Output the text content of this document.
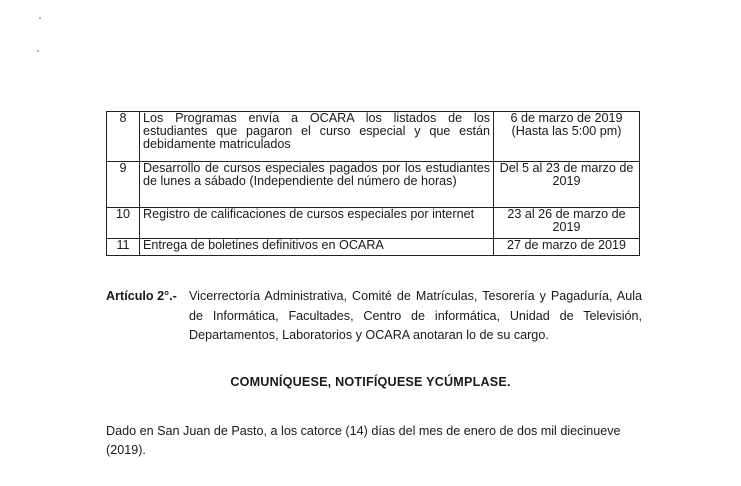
8	Los Programas envía a OCARA los listados de los estudiantes que pagaron el curso especial y que están debidamente matriculados	6 de marzo de 2019 (Hasta las 5:00 pm)
9	Desarrollo de cursos especiales pagados por los estudiantes de lunes a sábado (Independiente del número de horas)	Del 5 al 23 de marzo de 2019
10	Registro de calificaciones de cursos especiales por internet	23 al 26 de marzo de 2019
11	Entrega de boletines definitivos en OCARA	27 de marzo de 2019
Artículo 2°.- Vicerrectoría Administrativa, Comité de Matrículas, Tesorería y Pagaduría, Aula de Informática, Facultades, Centro de informática, Unidad de Televisión, Departamentos, Laboratorios y OCARA anotaran lo de su cargo.
COMUNÍQUESE, NOTIFÍQUESE YCÚMPLASE.
Dado en San Juan de Pasto, a los catorce (14) días del mes de enero de dos mil diecinueve (2019).
